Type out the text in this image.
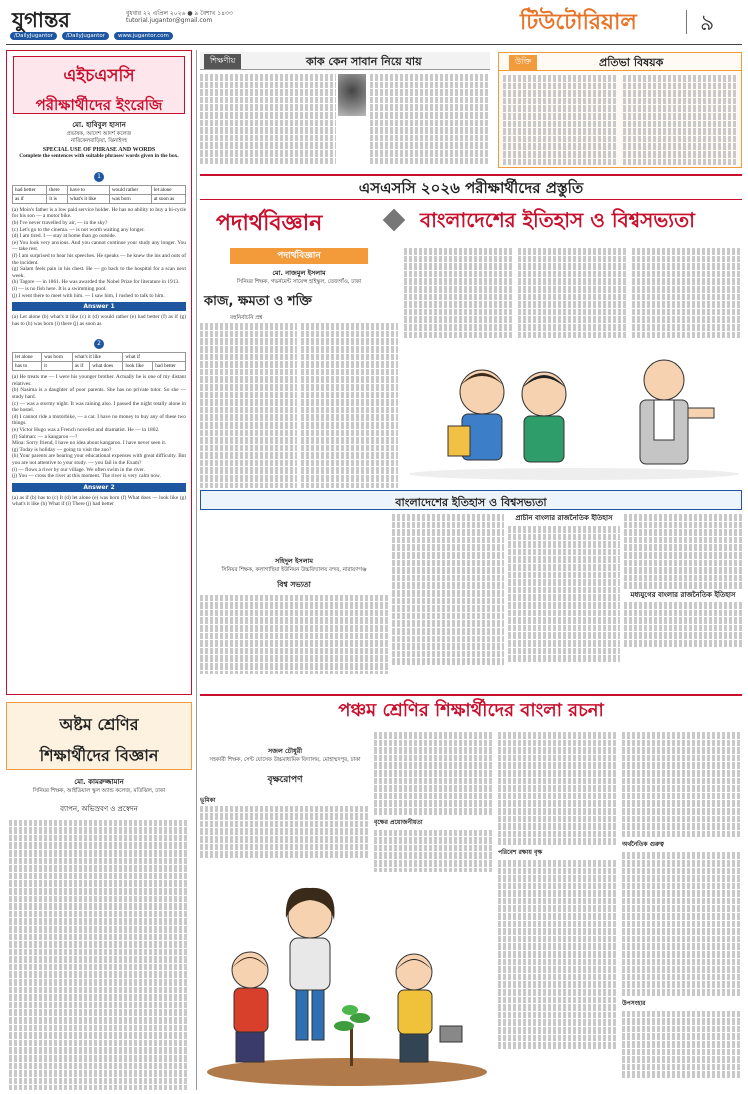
যুগান্তর	বুধবার ২২ এপ্রিল ২০২৬ ● ৯ বৈশাখ ১৪৩৩
tutorial.jugantor@gmail.com
/DailyJugantor	/DailyJugantor	www.jugantor.com
টিউটোরিয়াল	৯
এইচএসসি
পরীক্ষার্থীদের ইংরেজি
মো. হাবিবুল হাসান
প্রভাষক, আদেশ আদর্শ কলেজ
নারিকেলবাড়িয়া, ঝিনাইদহ
SPECIAL USE OF PHRASE AND WORDS
Complete the sentences with suitable phrases/ words given in the box.
1
had better	there	have to	would rather	let alone
as if	it is	what's it like	was born	at soon as
(a) Moin's father is a low paid service holder. He has no ability to buy a bi-cycle for his son — a motor bike.
(b) I've never travelled by air, — in the sky?
(c) Let's go to the cinema. — is not worth waiting any longer.
(d) I am tired. I — stay at home than go outside.
(e) You look very anxious. And you cannot continue your study any longer. You — take rest.
(f) I am surprised to hear his speeches. He speaks — he knew the ins and outs of the incident.
(g) Salam feels pain in his chest. He — go back to the hospital for a scan next week.
(h) Tagore — in 1861. He was awarded the Nobel Prize for literature in 1913.
(i) — is no fish here. It is a swimming pool.
(j) I went there to meet with him. — I saw him, I rushed to talk to him.
Answer 1
(a) Let alone (b) what's it like (c) it (d) would rather (e) had better (f) as if (g) has to (h) was born (i) there (j) as soon as
2
let alone	was born	what's it like		what if	
has to	it	as if	what does	look like	had better
(a) He treats me — I were his younger brother. Actually he is one of my distant relatives.
(b) Nasima is a daughter of poor parents. She has no private tutor. So she — study hard.
(c) — was a stormy night. It was raining also. I passed the night totally alone in the hostel.
(d) I cannot ride a motorbike, — a car. I have no money to buy any of these two things.
(e) Victor Hugo was a French novelist and dramatist. He — in 1802.
(f) Salman: — a kangaroo —?
Mina: Sorry friend, I have no idea about kangaroo. I have never seen it.
(g) Today is holiday — going to visit the zoo?
(h) Your parents are bearing your educational expenses with great difficulty. But you are not attentive to your study. — you fail in the Exam?
(i) — flows a river by our village. We often swim in the river.
(j) You — cross the river at this moment. The river is very calm now.
Answer 2
(a) as if (b) has to (c) It (d) let alone (e) was born (f) What does — look like (g) what's it like (h) What if (i) There (j) had better
অষ্টম শ্রেণির
শিক্ষার্থীদের বিজ্ঞান
মো. কামরুজ্জামান
সিনিয়র শিক্ষক, আইডিয়াল স্কুল অ্যান্ড কলেজ, মতিঝিল, ঢাকা
ব্যাপন, অভিস্রবণ ও প্রস্বেদন
শিক্ষণীয়	কাক কেন সাবান নিয়ে যায়	উক্তি	প্রতিভা বিষয়ক
এসএসসি ২০২৬ পরীক্ষার্থীদের প্রস্তুতি
পদার্থবিজ্ঞান	বাংলাদেশের ইতিহাস ও বিশ্বসভ্যতা
পদার্থবিজ্ঞান
মো. নাজমুল ইসলাম
সিনিয়র শিক্ষক, গভর্নমেন্ট সায়েন্স হাইস্কুল, তেজগাঁও, ঢাকা
কাজ, ক্ষমতা ও শক্তি
বহুনির্বাচনি প্রশ্ন
বাংলাদেশের ইতিহাস ও বিশ্বসভ্যতা
সহিদুল ইসলাম
সিনিয়র শিক্ষক, কলাগাছিয়া ইউনিয়ন উচ্চবিদ্যালয় বন্দর, নারায়ণগঞ্জ
বিশ্ব সভ্যতা
প্রাচীন বাংলার রাজনৈতিক ইতিহাস
মধ্যযুগের বাংলার রাজনৈতিক ইতিহাস
পঞ্চম শ্রেণির শিক্ষার্থীদের বাংলা রচনা
সজল চৌধুরী
সহকারী শিক্ষক, সেন্ট যোসেফ উচ্চমাধ্যমিক বিদ্যালয়, মোহাম্মদপুর, ঢাকা
বৃক্ষরোপণ
ভূমিকা
বৃক্ষের প্রয়োজনীয়তা
পরিবেশ রক্ষায় বৃক্ষ
অর্থনৈতিক গুরুত্ব
উপসংহার
